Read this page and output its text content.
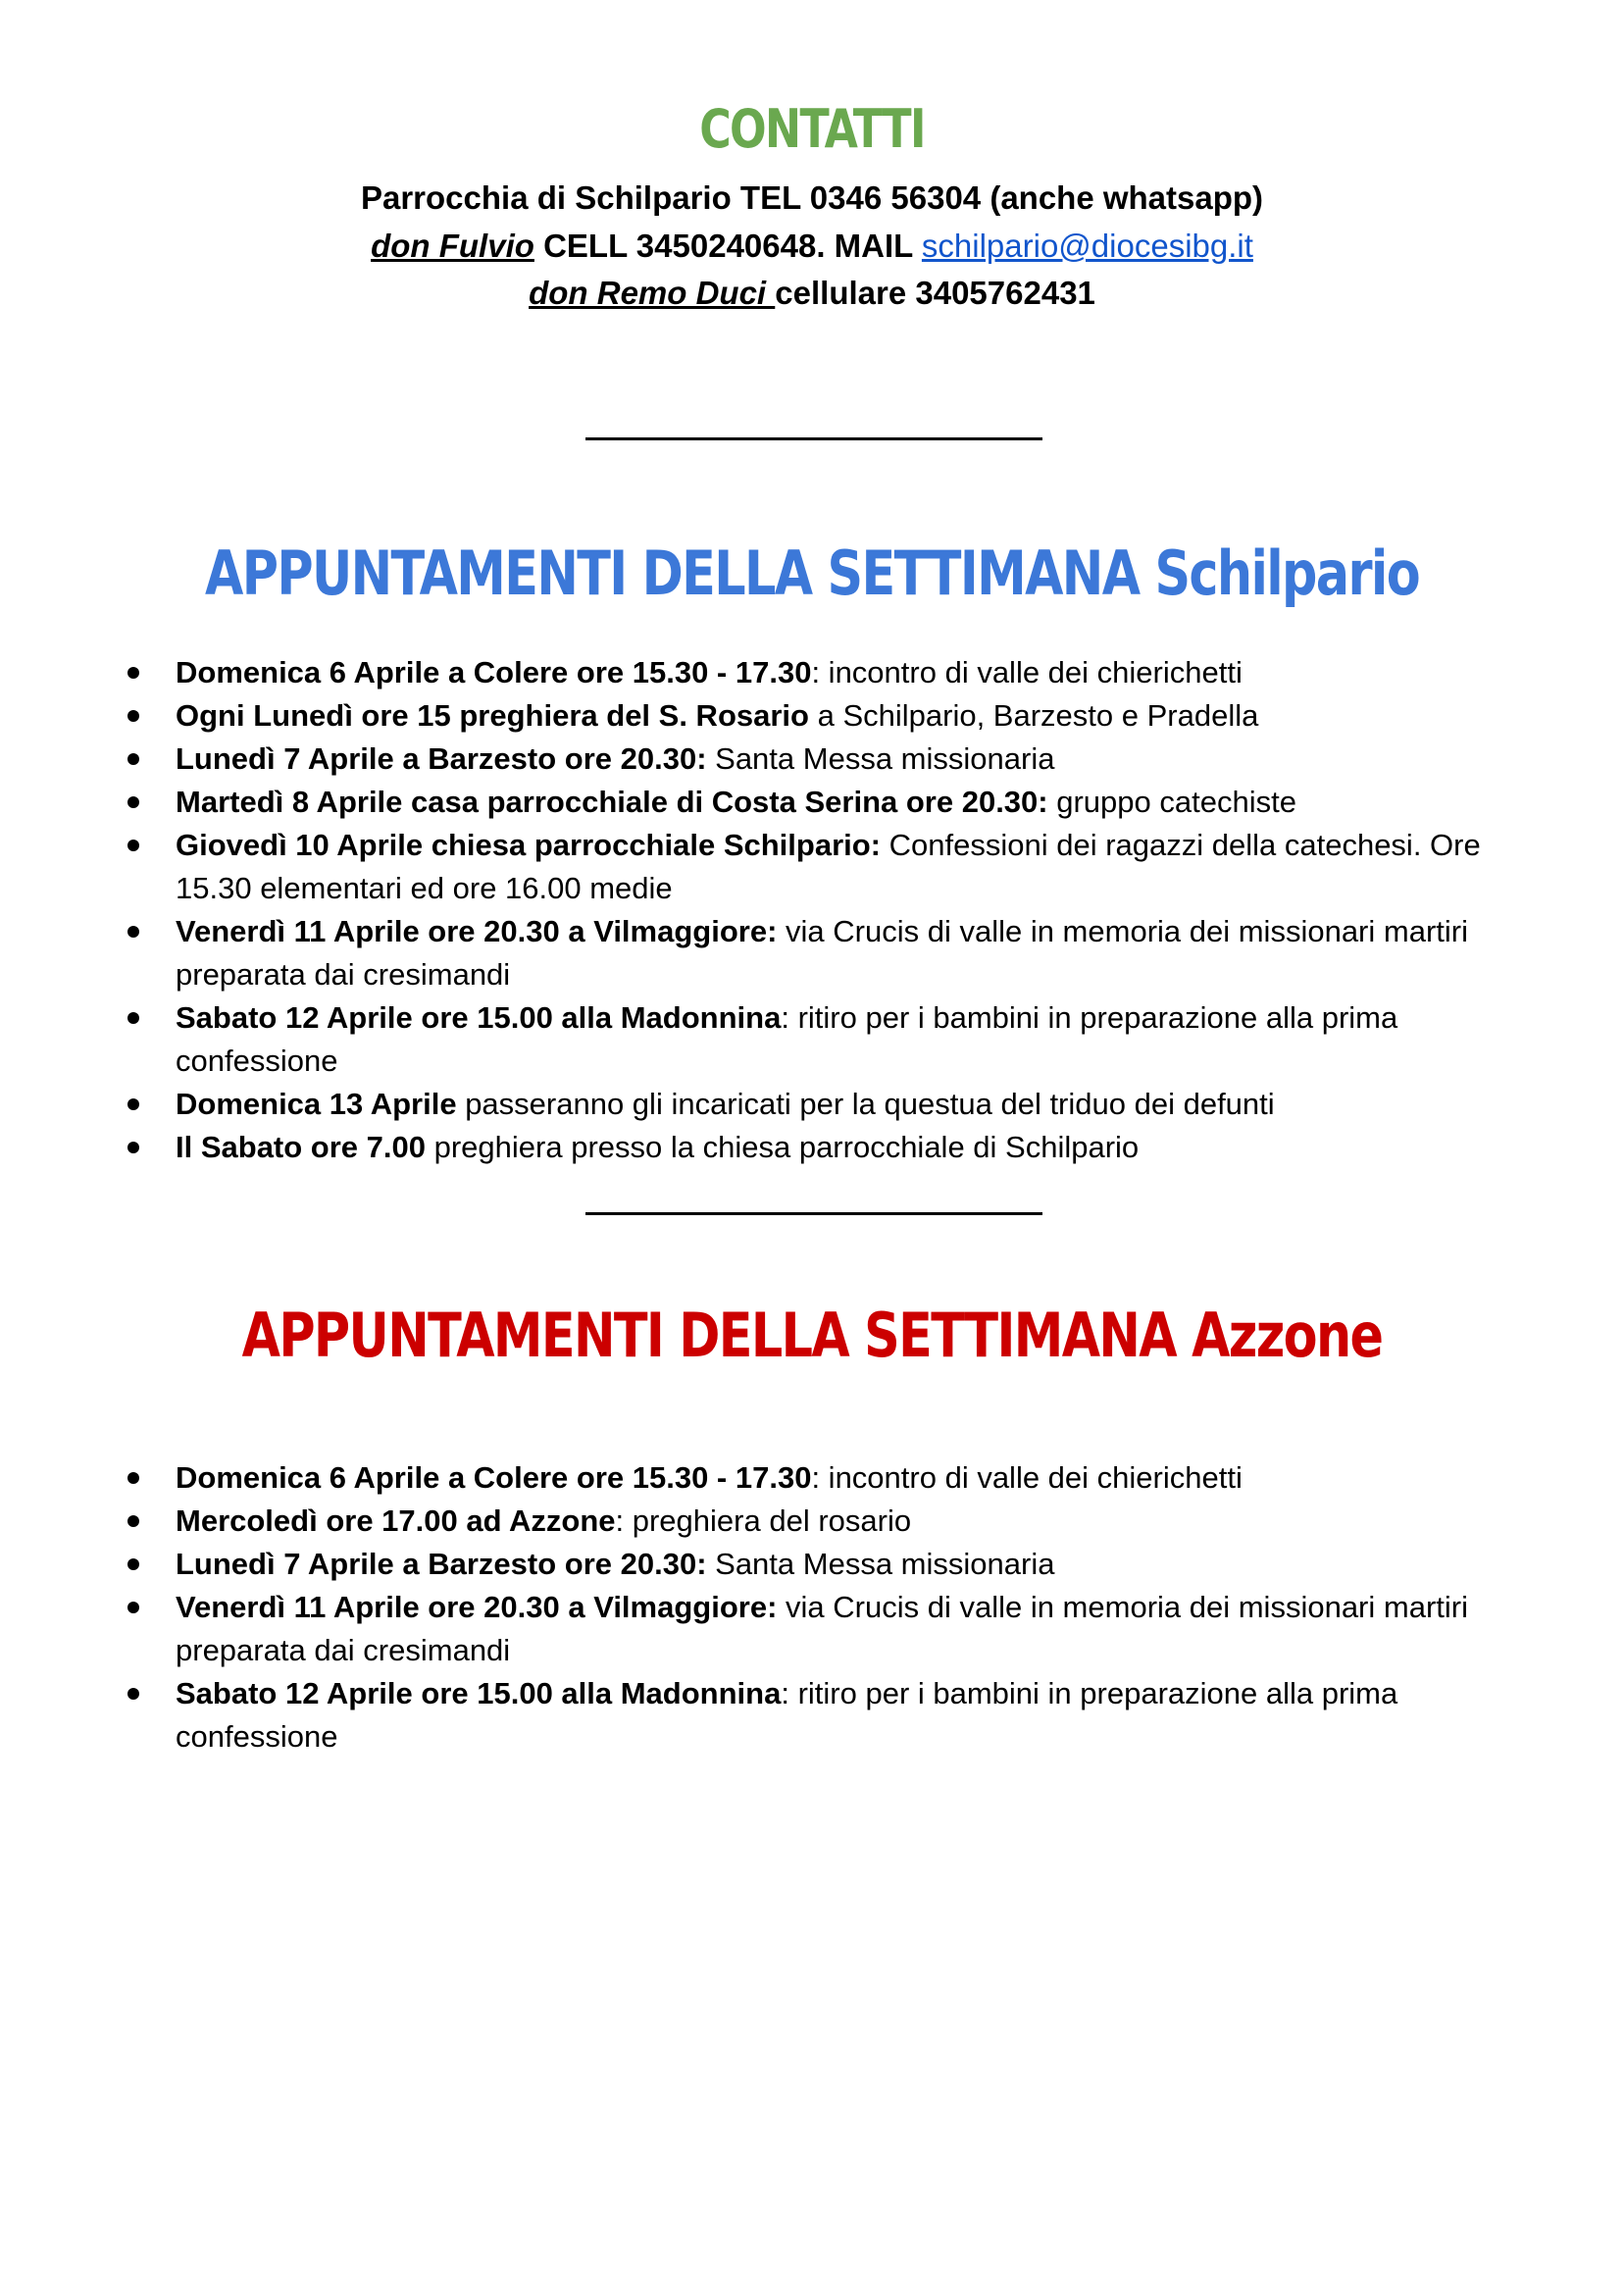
CONTATTI
Parrocchia di Schilpario TEL 0346 56304 (anche whatsapp)
don Fulvio CELL 3450240648. MAIL schilpario@diocesibg.it
don Remo Duci cellulare 3405762431
APPUNTAMENTI DELLA SETTIMANA Schilpario
Domenica 6 Aprile a Colere ore 15.30 - 17.30: incontro di valle dei chierichetti
Ogni Lunedì ore 15 preghiera del S. Rosario a Schilpario, Barzesto e Pradella
Lunedì 7 Aprile a Barzesto ore 20.30: Santa Messa missionaria
Martedì 8 Aprile casa parrocchiale di Costa Serina ore 20.30: gruppo catechiste
Giovedì 10 Aprile chiesa parrocchiale Schilpario: Confessioni dei ragazzi della catechesi. Ore 15.30 elementari ed ore 16.00 medie
Venerdì 11 Aprile ore 20.30 a Vilmaggiore: via Crucis di valle in memoria dei missionari martiri preparata dai cresimandi
Sabato 12 Aprile ore 15.00 alla Madonnina: ritiro per i bambini in preparazione alla prima confessione
Domenica 13 Aprile passeranno gli incaricati per la questua del triduo dei defunti
Il Sabato ore 7.00 preghiera presso la chiesa parrocchiale di Schilpario
APPUNTAMENTI DELLA SETTIMANA Azzone
Domenica 6 Aprile a Colere ore 15.30 - 17.30: incontro di valle dei chierichetti
Mercoledì ore 17.00 ad Azzone: preghiera del rosario
Lunedì 7 Aprile a Barzesto ore 20.30: Santa Messa missionaria
Venerdì 11 Aprile ore 20.30 a Vilmaggiore: via Crucis di valle in memoria dei missionari martiri preparata dai cresimandi
Sabato 12 Aprile ore 15.00 alla Madonnina: ritiro per i bambini in preparazione alla prima confessione
